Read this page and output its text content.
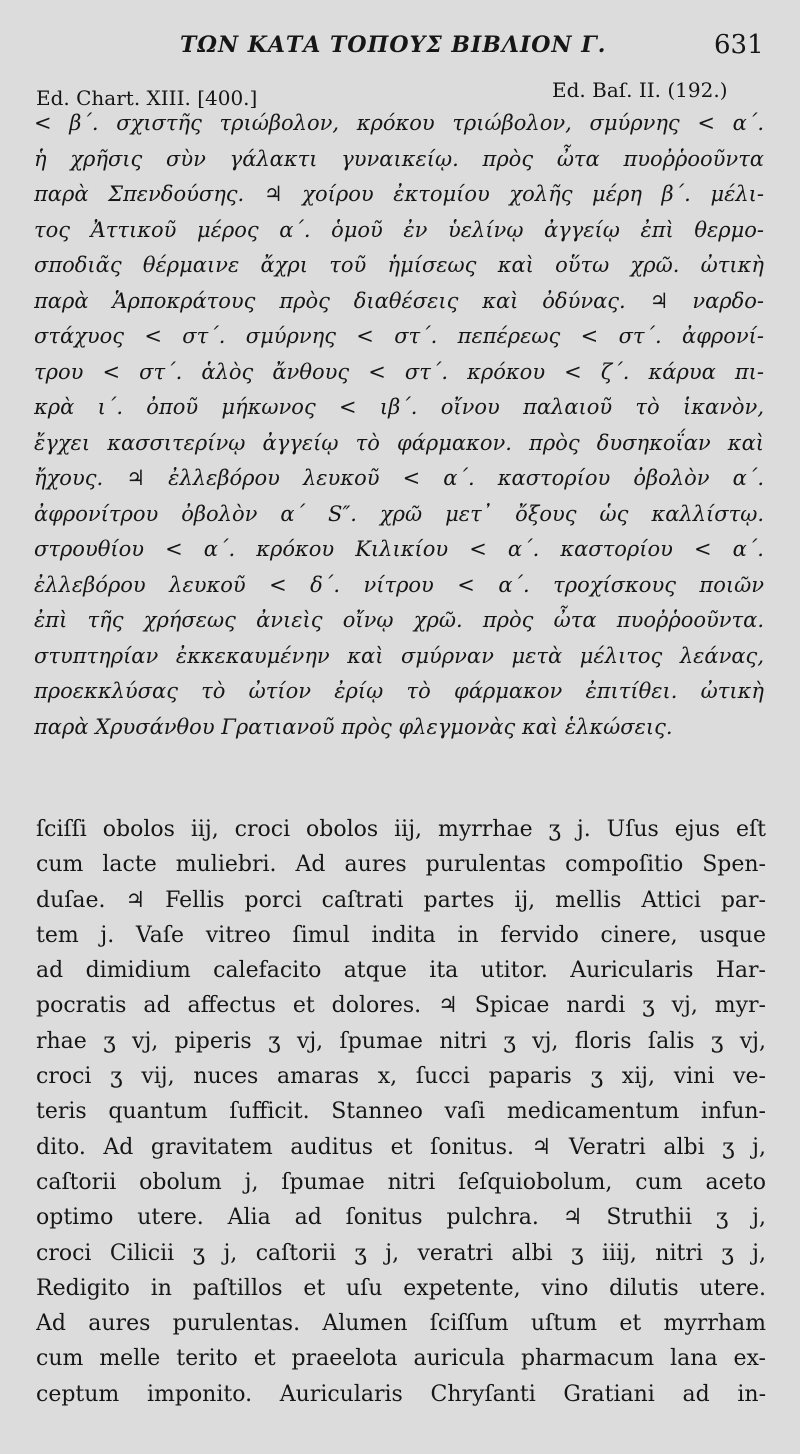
ΤΩΝ ΚΑΤΑ ΤΟΠΟΥΣ ΒΙΒΛΙΟΝ Γ.	631
Ed. Chart. XIII. [400.]	Ed. Baſ. II. (192.)
< β΄. σχιστῆς τριώβολον, κρόκου τριώβολον, σμύρνης < α΄.
ἡ χρῆσις σὺν γάλακτι γυναικείῳ. πρὸς ὦτα πυοῤῥοοῦντα
παρὰ Σπενδούσης. ♃ χοίρου ἐκτομίου χολῆς μέρη β΄. μέλι-
τος Ἀττικοῦ μέρος α΄. ὁμοῦ ἐν ὑελίνῳ ἀγγείῳ ἐπὶ θερμο-
σποδιᾶς θέρμαινε ἄχρι τοῦ ἡμίσεως καὶ οὕτω χρῶ. ὠτικὴ
παρὰ Ἁρποκράτους πρὸς διαθέσεις καὶ ὀδύνας. ♃ ναρδο-
στάχυος < στ΄. σμύρνης < στ΄. πεπέρεως < στ΄. ἀφρονί-
τρου < στ΄. ἁλὸς ἄνθους < στ΄. κρόκου < ζ΄. κάρυα πι-
κρὰ ι΄. ὀποῦ μήκωνος < ιβ΄. οἴνου παλαιοῦ τὸ ἱκανὸν,
ἔγχει κασσιτερίνῳ ἀγγείῳ τὸ φάρμακον. πρὸς δυσηκοΐαν καὶ
ἤχους. ♃ ἐλλεβόρου λευκοῦ < α΄. καστορίου ὀβολὸν α΄.
ἀφρονίτρου ὀβολὸν α΄ S″. χρῶ μετ᾽ ὄξους ὡς καλλίστῳ.
στρουθίου < α΄. κρόκου Κιλικίου < α΄. καστορίου < α΄.
ἐλλεβόρου λευκοῦ < δ΄. νίτρου < α΄. τροχίσκους ποιῶν
ἐπὶ τῆς χρήσεως ἀνιεὶς οἴνῳ χρῶ. πρὸς ὦτα πυοῤῥοοῦντα.
στυπτηρίαν ἐκκεκαυμένην καὶ σμύρναν μετὰ μέλιτος λεάνας,
προεκκλύσας τὸ ὠτίον ἐρίῳ τὸ φάρμακον ἐπιτίθει. ὠτικὴ
παρὰ Χρυσάνθου Γρατιανοῦ πρὸς φλεγμονὰς καὶ ἑλκώσεις.
ſciſſi obolos iij, croci obolos iij, myrrhae ʒ j. Uſus ejus eſt
cum lacte muliebri. Ad aures purulentas compoſitio Spen-
duſae. ♃ Fellis porci caſtrati partes ij, mellis Attici par-
tem j. Vaſe vitreo ſimul indita in fervido cinere, usque
ad dimidium calefacito atque ita utitor. Auricularis Har-
pocratis ad affectus et dolores. ♃ Spicae nardi ʒ vj, myr-
rhae ʒ vj, piperis ʒ vj, ſpumae nitri ʒ vj, floris ſalis ʒ vj,
croci ʒ vij, nuces amaras x, ſucci paparis ʒ xij, vini ve-
teris quantum ſufficit. Stanneo vaſi medicamentum infun-
dito. Ad gravitatem auditus et ſonitus. ♃ Veratri albi ʒ j,
caſtorii obolum j, ſpumae nitri ſeſquiobolum, cum aceto
optimo utere. Alia ad ſonitus pulchra. ♃ Struthii ʒ j,
croci Cilicii ʒ j, caſtorii ʒ j, veratri albi ʒ iiij, nitri ʒ j,
Redigito in paſtillos et uſu expetente, vino dilutis utere.
Ad aures purulentas. Alumen ſciſſum uſtum et myrrham
cum melle terito et praeelota auricula pharmacum lana ex-
ceptum imponito. Auricularis Chryſanti Gratiani ad in-
